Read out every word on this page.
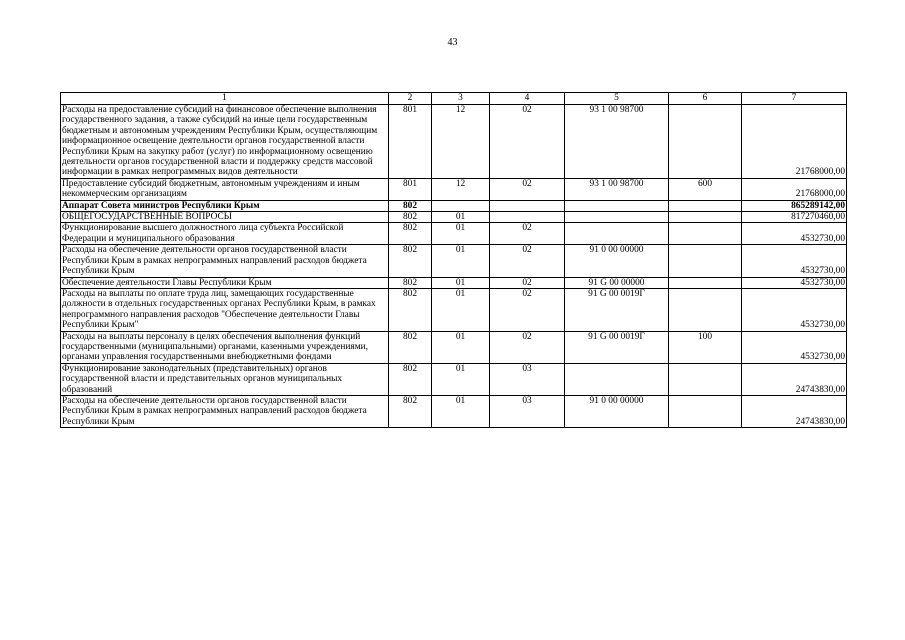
43
1	2	3	4	5	6	7
Расходы на предоставление субсидий на финансовое обеспечение выполнения государственного задания, а также субсидий на иные цели государственным бюджетным и автономным учреждениям Республики Крым, осуществляющим информационное освещение деятельности органов государственной власти Республики Крым на закупку работ (услуг) по информационному освещению деятельности органов государственной власти и поддержку средств массовой информации в рамках непрограммных видов деятельности	801	12	02	93 1 00 98700		21768000,00
Предоставление субсидий бюджетным, автономным учреждениям и иным некоммерческим организациям	801	12	02	93 1 00 98700	600	21768000,00
Аппарат Совета министров Республики Крым	802					865289142,00
ОБЩЕГОСУДАРСТВЕННЫЕ ВОПРОСЫ	802	01				817270460,00
Функционирование высшего должностного лица субъекта Российской Федерации и муниципального образования	802	01	02			4532730,00
Расходы на обеспечение деятельности органов государственной власти Республики Крым в рамках непрограммных направлений расходов бюджета Республики Крым	802	01	02	91 0 00 00000		4532730,00
Обеспечение деятельности Главы Республики Крым	802	01	02	91 G 00 00000		4532730,00
Расходы на выплаты по оплате труда лиц, замещающих государственные должности в отдельных государственных органах Республики Крым, в рамках непрограммного направления расходов "Обеспечение деятельности Главы Республики Крым"	802	01	02	91 G 00 0019Г		4532730,00
Расходы на выплаты персоналу в целях обеспечения выполнения функций государственными (муниципальными) органами, казенными учреждениями, органами управления государственными внебюджетными фондами	802	01	02	91 G 00 0019Г	100	4532730,00
Функционирование законодательных (представительных) органов государственной власти и представительных органов муниципальных образований	802	01	03			24743830,00
Расходы на обеспечение деятельности органов государственной власти Республики Крым в рамках непрограммных направлений расходов бюджета Республики Крым	802	01	03	91 0 00 00000		24743830,00
